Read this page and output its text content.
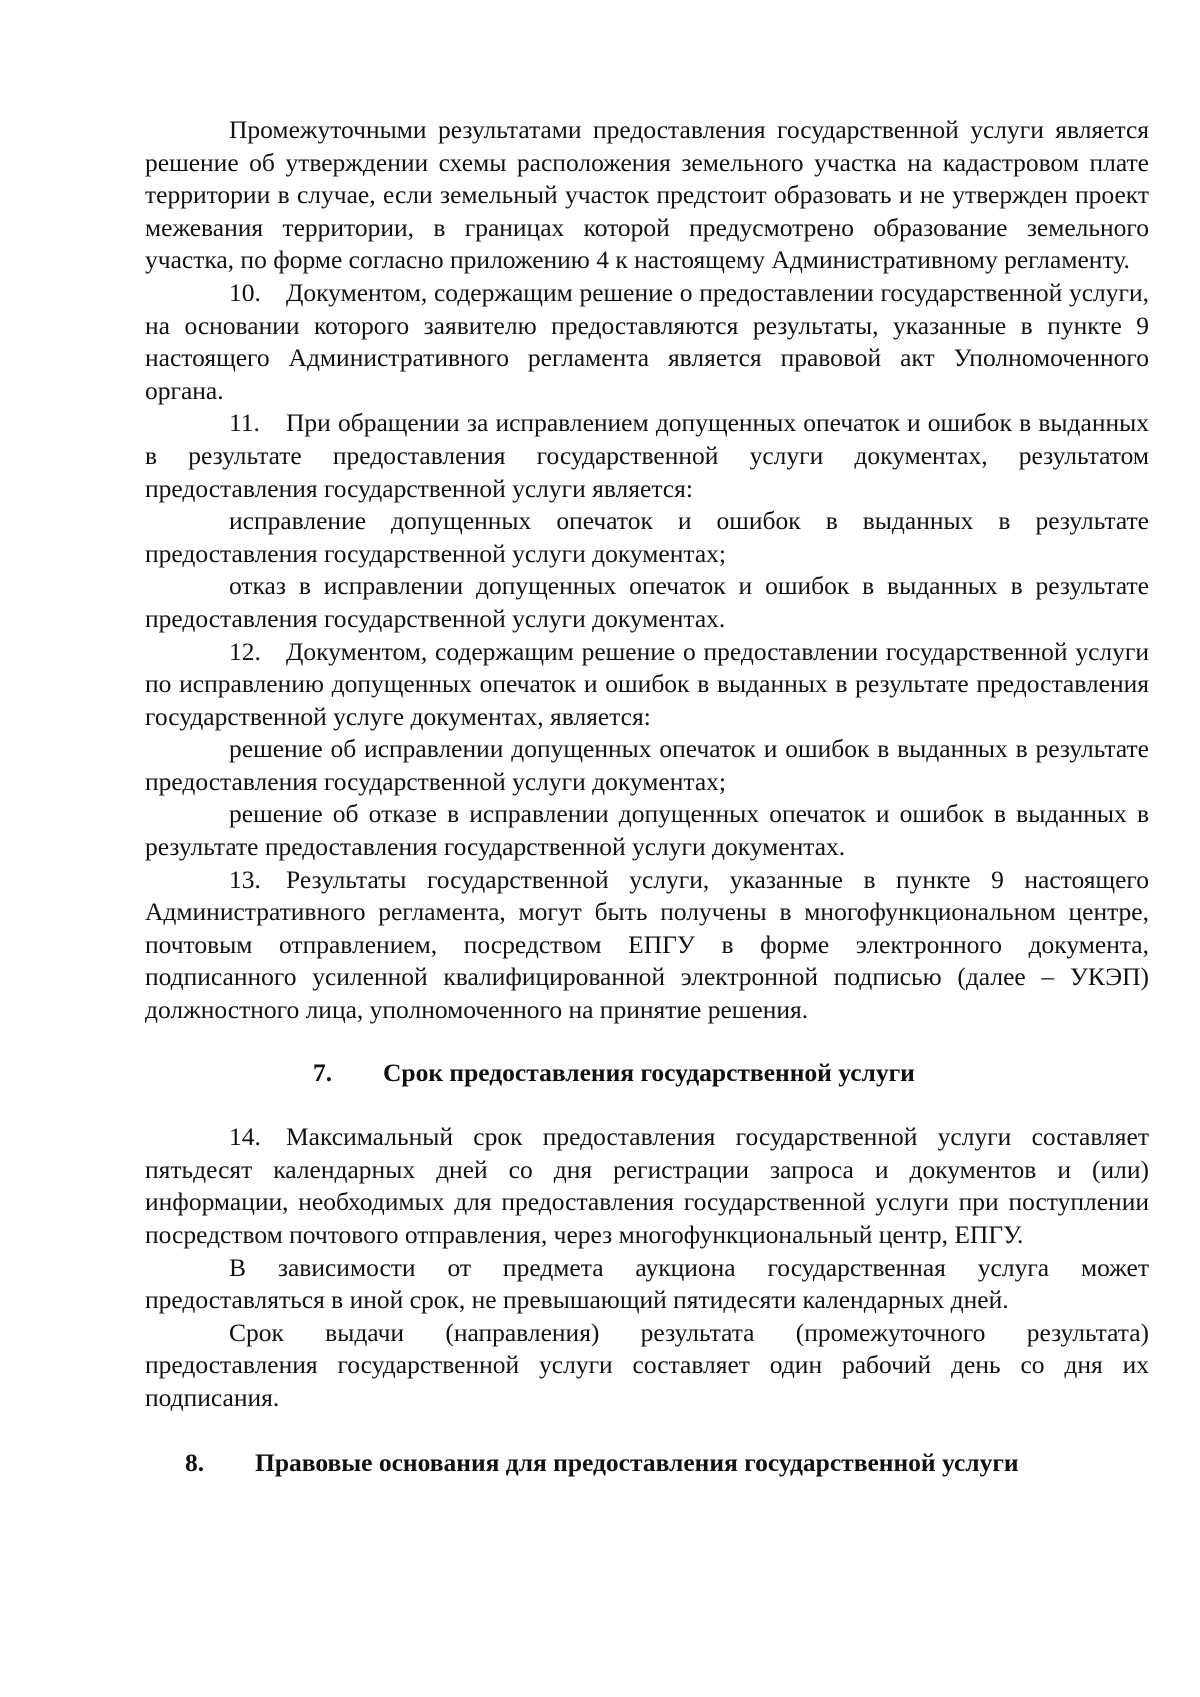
Промежуточными результатами предоставления государственной услуги является решение об утверждении схемы расположения земельного участка на кадастровом плате территории в случае, если земельный участок предстоит образовать и не утвержден проект межевания территории, в границах которой предусмотрено образование земельного участка, по форме согласно приложению 4 к настоящему Административному регламенту.

10. Документом, содержащим решение о предоставлении государственной услуги, на основании которого заявителю предоставляются результаты, указанные в пункте 9 настоящего Административного регламента является правовой акт Уполномоченного органа.

11. При обращении за исправлением допущенных опечаток и ошибок в выданных в результате предоставления государственной услуги документах, результатом предоставления государственной услуги является:

исправление допущенных опечаток и ошибок в выданных в результате предоставления государственной услуги документах;

отказ в исправлении допущенных опечаток и ошибок в выданных в результате предоставления государственной услуги документах.

12. Документом, содержащим решение о предоставлении государственной услуги по исправлению допущенных опечаток и ошибок в выданных в результате предоставления государственной услуге документах, является:

решение об исправлении допущенных опечаток и ошибок в выданных в результате предоставления государственной услуги документах;

решение об отказе в исправлении допущенных опечаток и ошибок в выданных в результате предоставления государственной услуги документах.

13. Результаты государственной услуги, указанные в пункте 9 настоящего Административного регламента, могут быть получены в многофункциональном центре, почтовым отправлением, посредством ЕПГУ в форме электронного документа, подписанного усиленной квалифицированной электронной подписью (далее – УКЭП) должностного лица, уполномоченного на принятие решения.

7. Срок предоставления государственной услуги

14. Максимальный срок предоставления государственной услуги составляет пятьдесят календарных дней со дня регистрации запроса и документов и (или) информации, необходимых для предоставления государственной услуги при поступлении посредством почтового отправления, через многофункциональный центр, ЕПГУ.

В зависимости от предмета аукциона государственная услуга может предоставляться в иной срок, не превышающий пятидесяти календарных дней.

Срок выдачи (направления) результата (промежуточного результата) предоставления государственной услуги составляет один рабочий день со дня их подписания.

8. Правовые основания для предоставления государственной услуги
